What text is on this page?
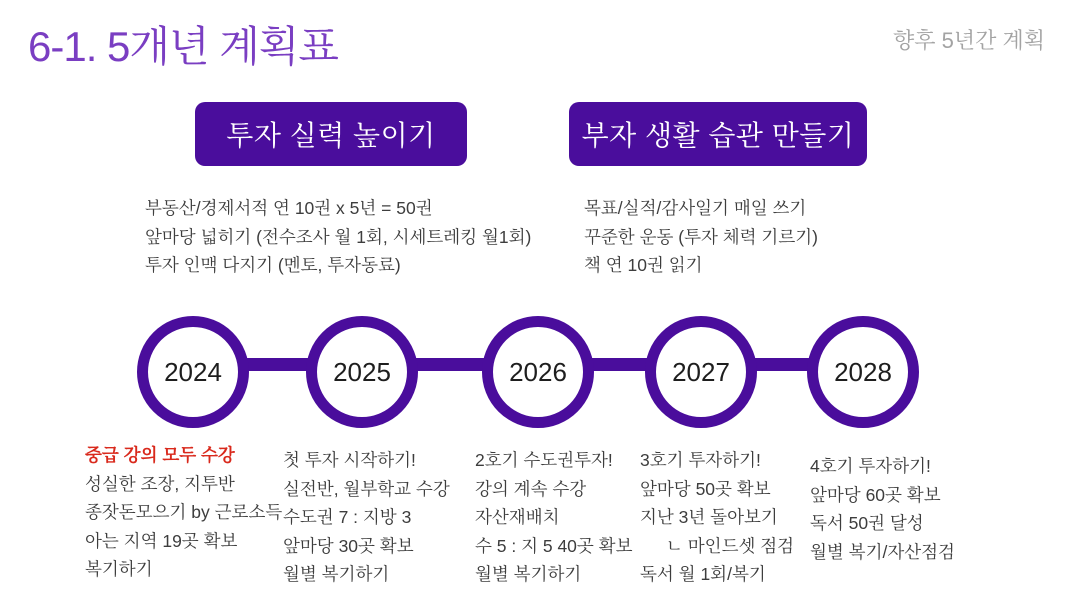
6-1. 5개년 계획표	향후 5년간 계획
투자 실력 높이기	부자 생활 습관 만들기
부동산/경제서적 연 10권 x 5년 = 50권
앞마당 넓히기 (전수조사 월 1회, 시세트레킹 월1회)
투자 인맥 다지기 (멘토, 투자동료)
목표/실적/감사일기 매일 쓰기
꾸준한 운동 (투자 체력 기르기)
책 연 10권 읽기
2024	2025	2026	2027	2028
중급 강의 모두 수강
성실한 조장, 지투반
종잣돈모으기 by 근로소득
아는 지역 19곳 확보
복기하기
첫 투자 시작하기!
실전반, 월부학교 수강
수도권 7 : 지방 3
앞마당 30곳 확보
월별 복기하기
2호기 수도권투자!
강의 계속 수강
자산재배치
수 5 : 지 5 40곳 확보
월별 복기하기
3호기 투자하기!
앞마당 50곳 확보
지난 3년 돌아보기
ㄴ 마인드셋 점검
독서 월 1회/복기
4호기 투자하기!
앞마당 60곳 확보
독서 50권 달성
월별 복기/자산점검
